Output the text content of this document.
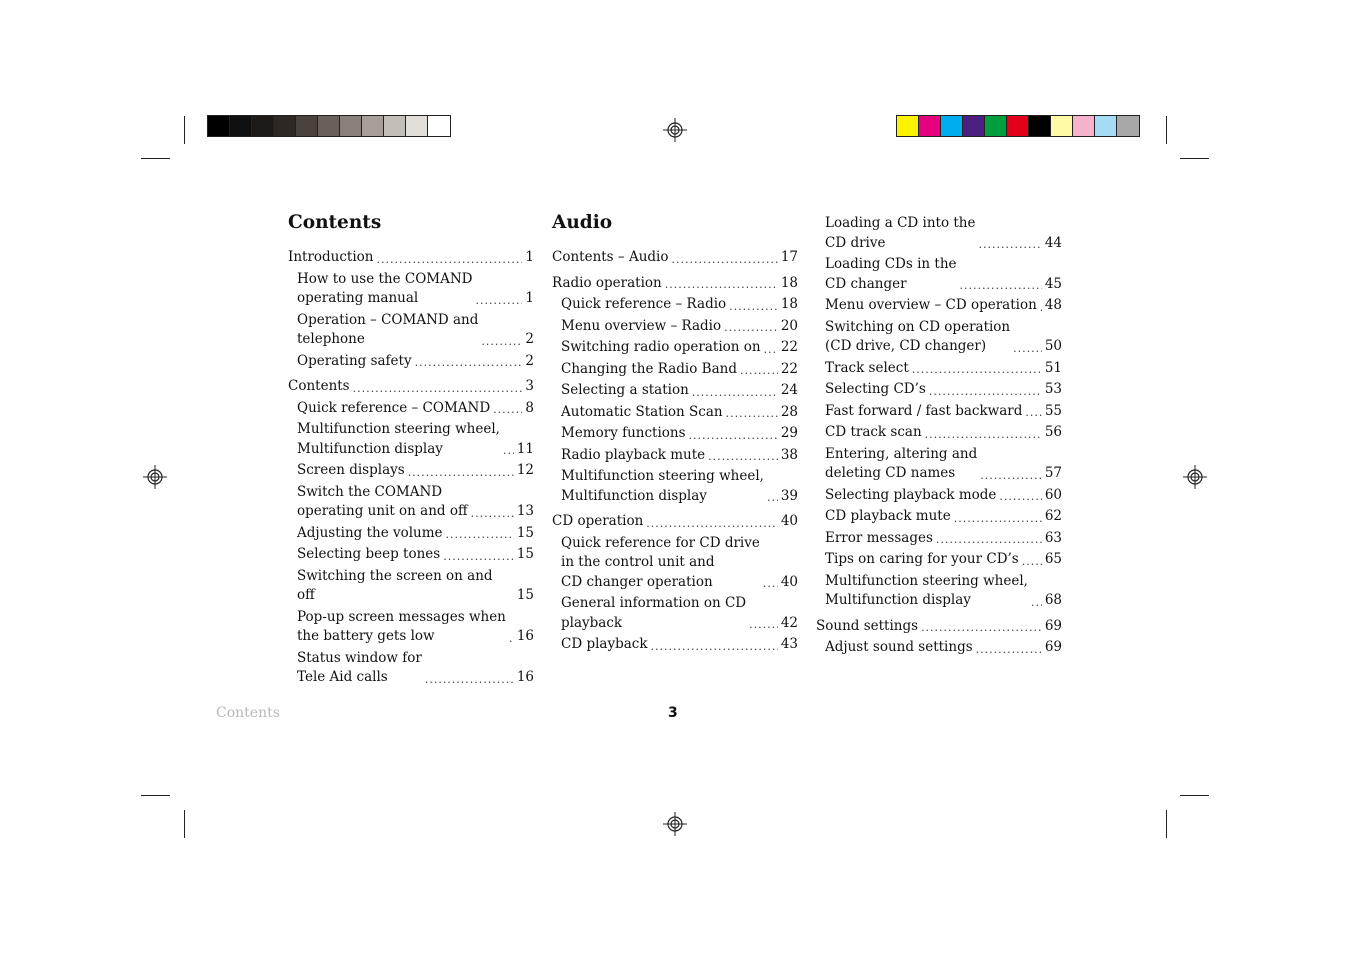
Contents
Introduction .....	1
How to use the COMAND
operating manual .....	1
Operation – COMAND and
telephone .....	2
Operating safety .....	2
Contents .....	3
Quick reference – COMAND .....	8
Multifunction steering wheel,
Multifunction display .....	11
Screen displays .....	12
Switch the COMAND
operating unit on and off .....	13
Adjusting the volume .....	15
Selecting beep tones .....	15
Switching the screen on and off	15
Pop-up screen messages when
the battery gets low .....	16
Status window for
Tele Aid calls .....	16
Audio
Contents – Audio .....	17
Radio operation .....	18
Quick reference – Radio .....	18
Menu overview – Radio .....	20
Switching radio operation on ..... 22
Changing the Radio Band .....	22
Selecting a station .....	24
Automatic Station Scan .....	28
Memory functions .....	29
Radio playback mute .....	38
Multifunction steering wheel,
Multifunction display .....	39
CD operation .....	40
Quick reference for CD drive
in the control unit and
CD changer operation .....	40
General information on CD
playback .....	42
CD playback .....	43
Loading a CD into the
CD drive .....	44
Loading CDs in the
CD changer .....	45
Menu overview – CD operation ..... 48
Switching on CD operation
(CD drive, CD changer) .....	50
Track select .....	51
Selecting CD’s .....	53
Fast forward / fast backward ..... 55
CD track scan .....	56
Entering, altering and
deleting CD names .....	57
Selecting playback mode .....	60
CD playback mute .....	62
Error messages .....	63
Tips on caring for your CD’s ..... 65
Multifunction steering wheel,
Multifunction display .....	68
Sound settings .....	69
Adjust sound settings .....	69
Contents	3
